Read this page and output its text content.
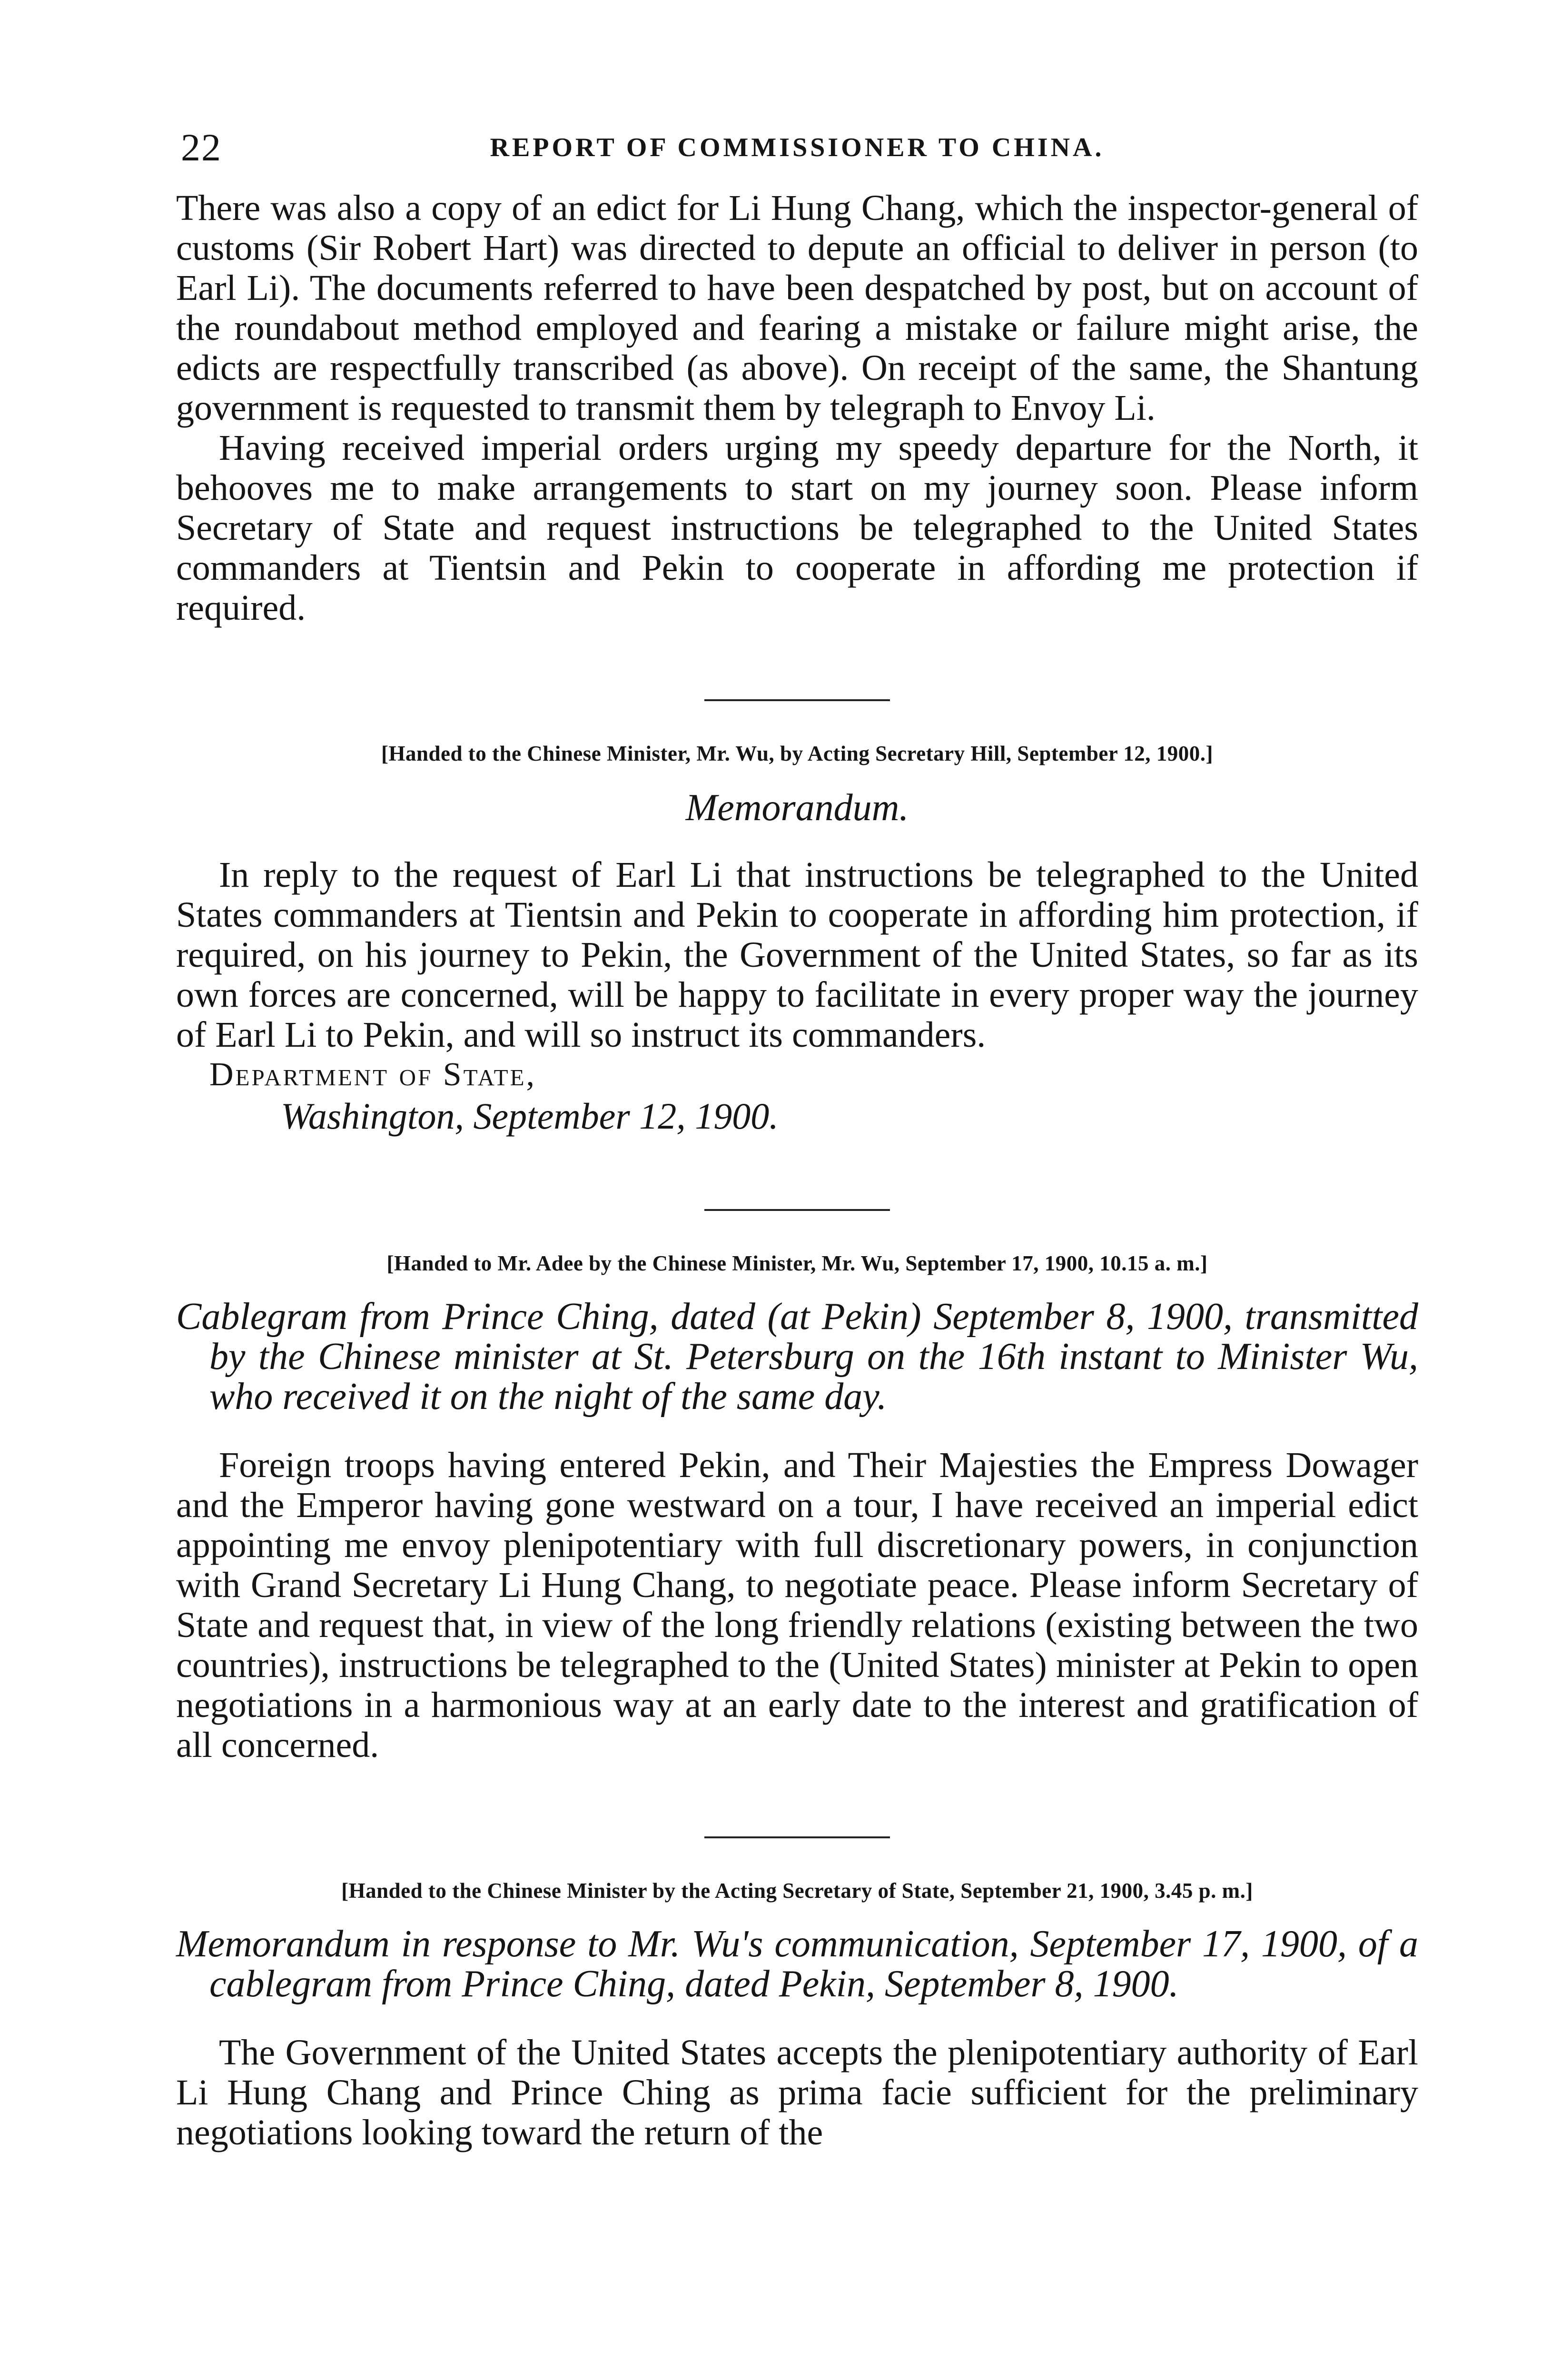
22	REPORT OF COMMISSIONER TO CHINA.

There was also a copy of an edict for Li Hung Chang, which the inspector-general of customs (Sir Robert Hart) was directed to depute an official to deliver in person (to Earl Li). The documents referred to have been despatched by post, but on account of the roundabout method employed and fearing a mistake or failure might arise, the edicts are respectfully transcribed (as above). On receipt of the same, the Shantung government is requested to transmit them by telegraph to Envoy Li.

Having received imperial orders urging my speedy departure for the North, it behooves me to make arrangements to start on my journey soon. Please inform Secretary of State and request instructions be telegraphed to the United States commanders at Tientsin and Pekin to cooperate in affording me protection if required.

[Handed to the Chinese Minister, Mr. Wu, by Acting Secretary Hill, September 12, 1900.]
Memorandum.

In reply to the request of Earl Li that instructions be telegraphed to the United States commanders at Tientsin and Pekin to cooperate in affording him protection, if required, on his journey to Pekin, the Government of the United States, so far as its own forces are concerned, will be happy to facilitate in every proper way the journey of Earl Li to Pekin, and will so instruct its commanders.

Department of State,
Washington, September 12, 1900.
[Handed to Mr. Adee by the Chinese Minister, Mr. Wu, September 17, 1900, 10.15 a. m.]
Cablegram from Prince Ching, dated (at Pekin) September 8, 1900, transmitted by the Chinese minister at St. Petersburg on the 16th instant to Minister Wu, who received it on the night of the same day.

Foreign troops having entered Pekin, and Their Majesties the Empress Dowager and the Emperor having gone westward on a tour, I have received an imperial edict appointing me envoy plenipotentiary with full discretionary powers, in conjunction with Grand Secretary Li Hung Chang, to negotiate peace. Please inform Secretary of State and request that, in view of the long friendly relations (existing between the two countries), instructions be telegraphed to the (United States) minister at Pekin to open negotiations in a harmonious way at an early date to the interest and gratification of all concerned.

[Handed to the Chinese Minister by the Acting Secretary of State, September 21, 1900, 3.45 p. m.]
Memorandum in response to Mr. Wu's communication, September 17, 1900, of a cablegram from Prince Ching, dated Pekin, September 8, 1900.

The Government of the United States accepts the plenipotentiary authority of Earl Li Hung Chang and Prince Ching as prima facie sufficient for the preliminary negotiations looking toward the return of the
